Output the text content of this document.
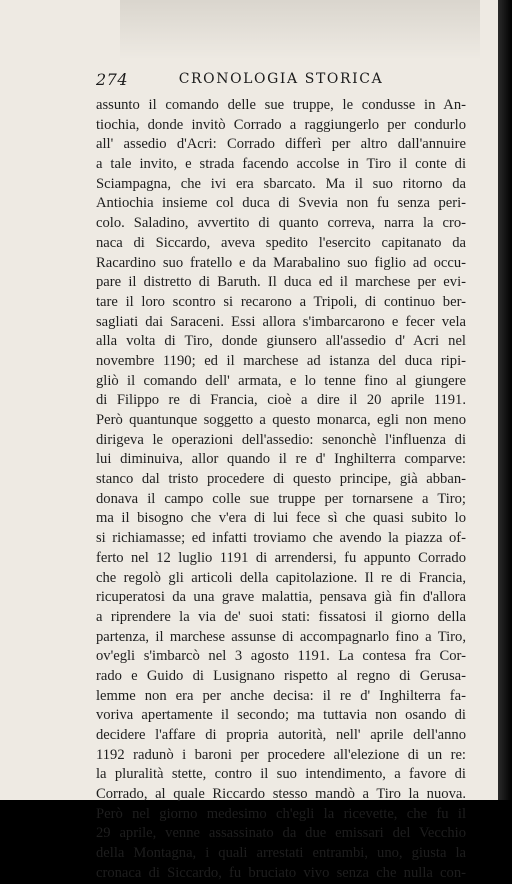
274	CRONOLOGIA STORICA
assunto il comando delle sue truppe, le condusse in An-
tiochia, donde invitò Corrado a raggiungerlo per condurlo
all' assedio d'Acri: Corrado differì per altro dall'annuire
a tale invito, e strada facendo accolse in Tiro il conte di
Sciampagna, che ivi era sbarcato. Ma il suo ritorno da
Antiochia insieme col duca di Svevia non fu senza peri-
colo. Saladino, avvertito di quanto correva, narra la cro-
naca di Siccardo, aveva spedito l'esercito capitanato da
Racardino suo fratello e da Marabalino suo figlio ad occu-
pare il distretto di Baruth. Il duca ed il marchese per evi-
tare il loro scontro si recarono a Tripoli, di continuo ber-
sagliati dai Saraceni. Essi allora s'imbarcarono e fecer vela
alla volta di Tiro, donde giunsero all'assedio d' Acri nel
novembre 1190; ed il marchese ad istanza del duca ripi-
gliò il comando dell' armata, e lo tenne fino al giungere
di Filippo re di Francia, cioè a dire il 20 aprile 1191.
Però quantunque soggetto a questo monarca, egli non meno
dirigeva le operazioni dell'assedio: senonchè l'influenza di
lui diminuiva, allor quando il re d' Inghilterra comparve:
stanco dal tristo procedere di questo principe, già abban-
donava il campo colle sue truppe per tornarsene a Tiro;
ma il bisogno che v'era di lui fece sì che quasi subito lo
si richiamasse; ed infatti troviamo che avendo la piazza of-
ferto nel 12 luglio 1191 di arrendersi, fu appunto Corrado
che regolò gli articoli della capitolazione. Il re di Francia,
ricuperatosi da una grave malattia, pensava già fin d'allora
a riprendere la via de' suoi stati: fissatosi il giorno della
partenza, il marchese assunse di accompagnarlo fino a Tiro,
ov'egli s'imbarcò nel 3 agosto 1191. La contesa fra Cor-
rado e Guido di Lusignano rispetto al regno di Gerusa-
lemme non era per anche decisa: il re d' Inghilterra fa-
voriva apertamente il secondo; ma tuttavia non osando di
decidere l'affare di propria autorità, nell' aprile dell'anno
1192 radunò i baroni per procedere all'elezione di un re:
la pluralità stette, contro il suo intendimento, a favore di
Corrado, al quale Riccardo stesso mandò a Tiro la nuova.
Però nel giorno medesimo ch'egli la ricevette, che fu il
29 aprile, venne assassinato da due emissari del Vecchio
della Montagna, i quali arrestati entrambi, uno, giusta la
cronaca di Siccardo, fu bruciato vivo senza che nulla con-
